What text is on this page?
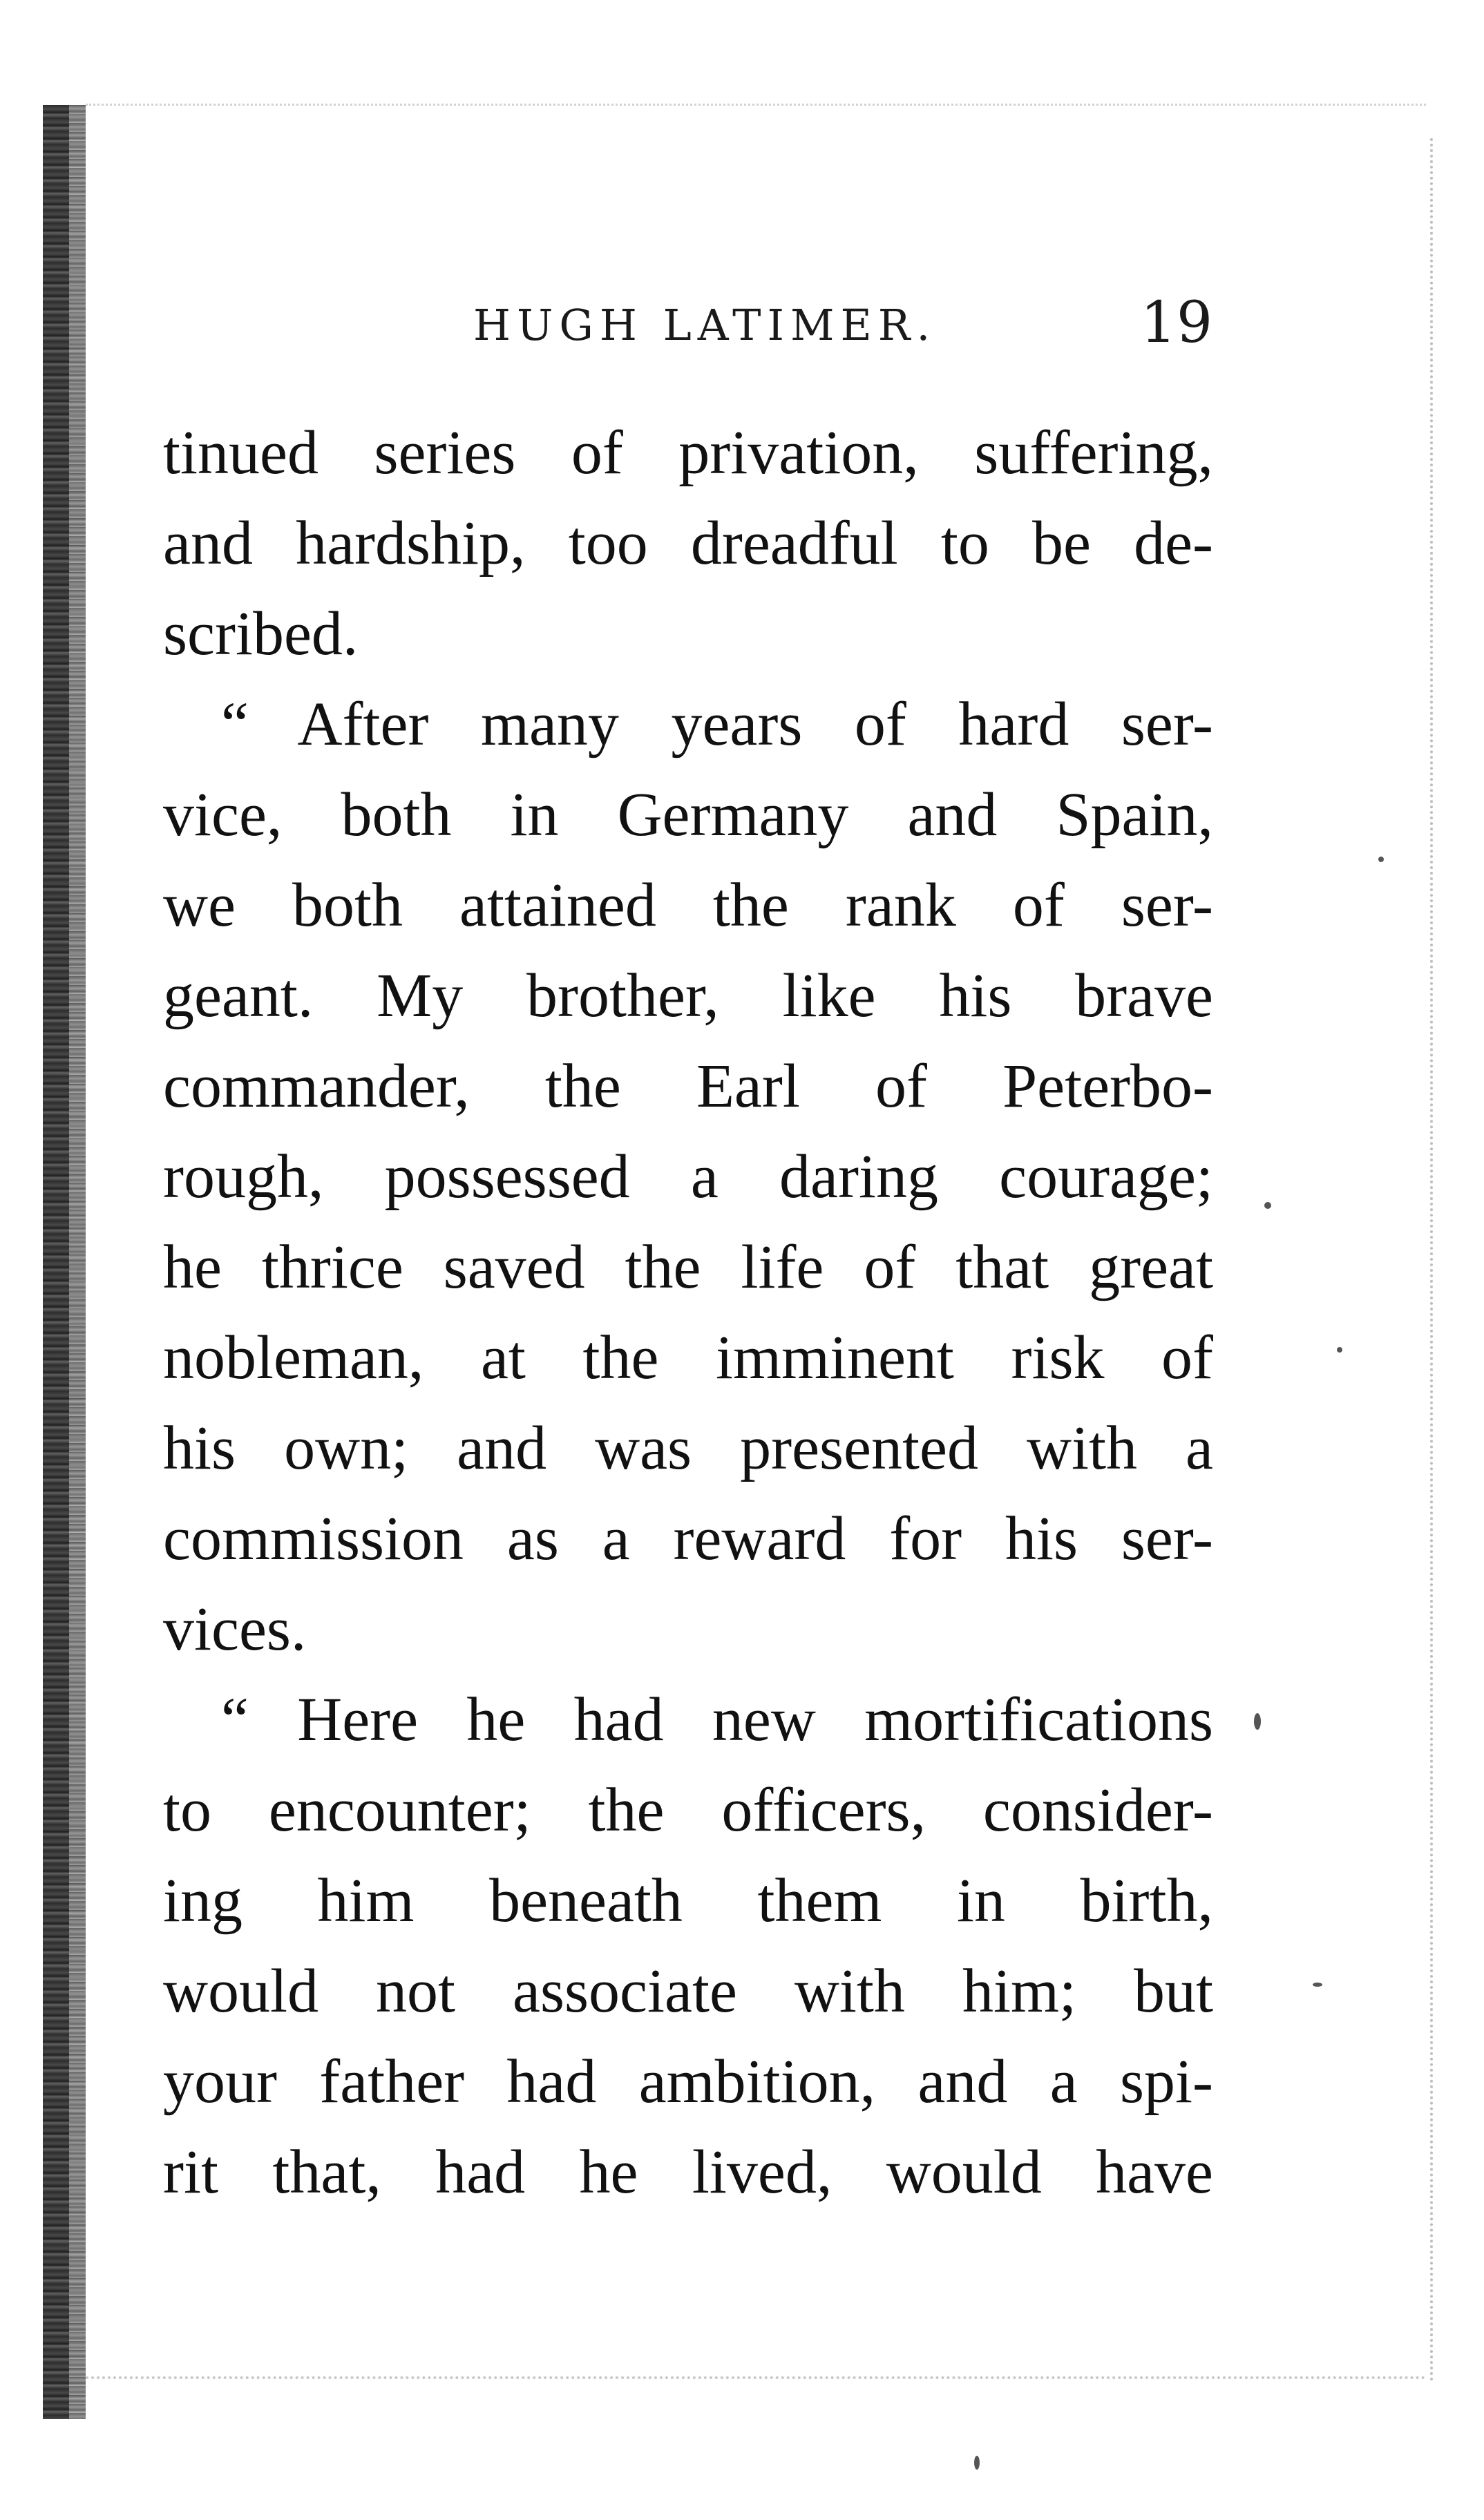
HUGH LATIMER.	19
tinued series of privation, suffering,
and hardship, too dreadful to be de-
scribed.
“ After many years of hard ser-
vice, both in Germany and Spain,
we both attained the rank of ser-
geant. My brother, like his brave
commander, the Earl of Peterbo-
rough, possessed a daring courage;
he thrice saved the life of that great
nobleman, at the imminent risk of
his own; and was presented with a
commission as a reward for his ser-
vices.
“ Here he had new mortifications
to encounter; the officers, consider-
ing him beneath them in birth,
would not associate with him; but
your father had ambition, and a spi-
rit that, had he lived, would have
